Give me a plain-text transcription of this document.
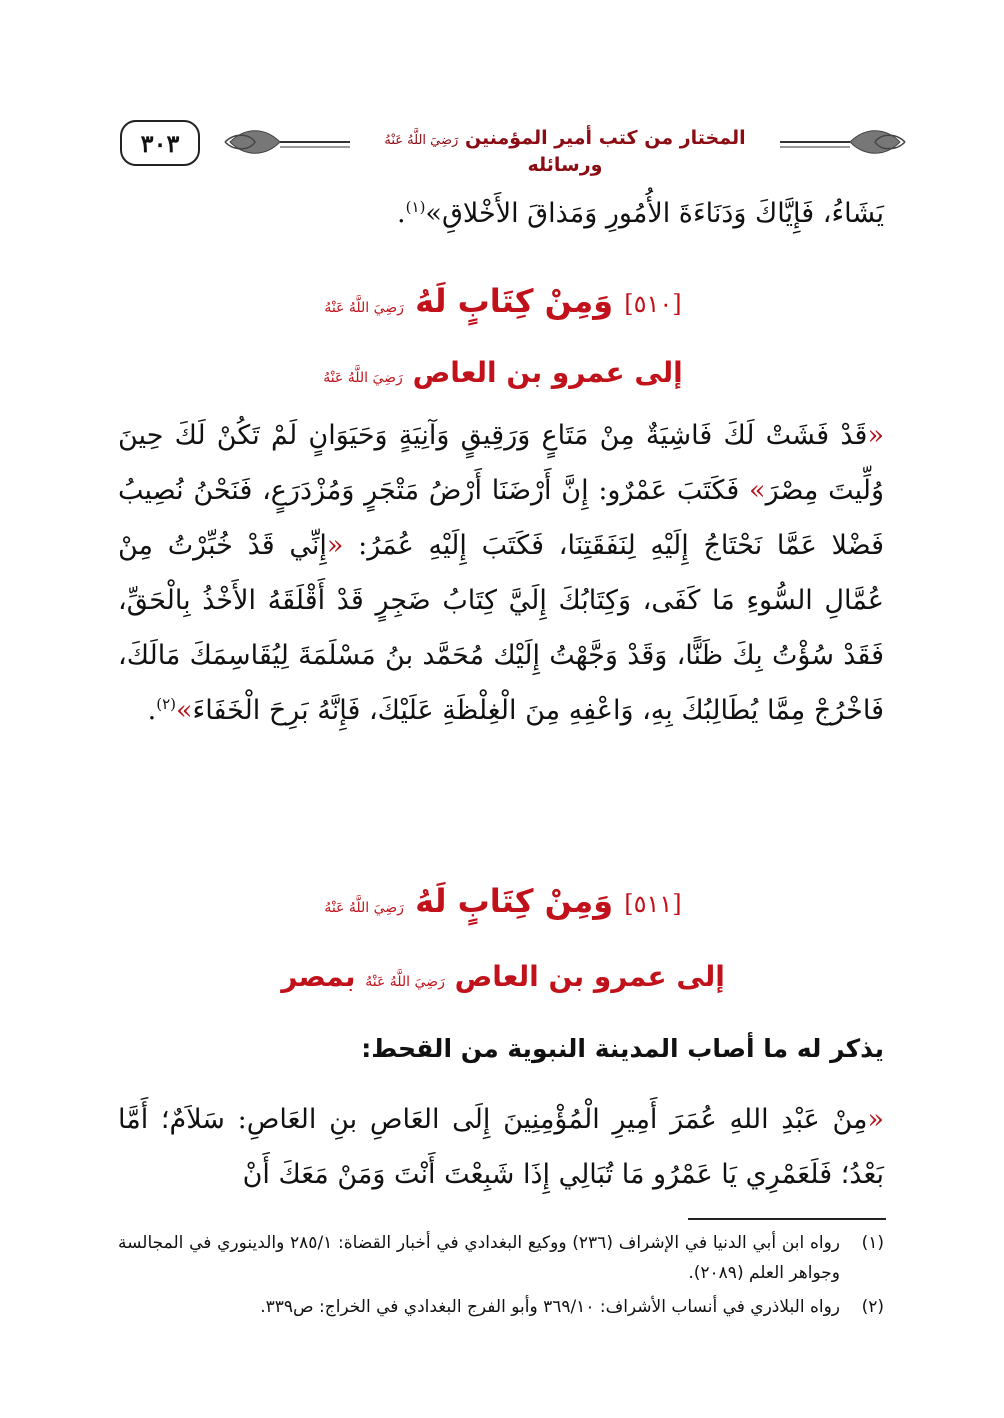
٣٠٣	المختار من كتب أمير المؤمنين رَضِيَ اللَّهُ عَنْهُ ورسائله
يَشَاءُ، فَإِيَّاكَ وَدَنَاءَةَ الأُمُورِ وَمَذاقَ الأَخْلاقِ»$^{(١)}$.
[٥١٠] وَمِنْ كِتَابٍ لَهُ رَضِيَ اللَّهُ عَنْهُ
إلى عمرو بن العاص رَضِيَ اللَّهُ عَنْهُ
«قَدْ فَشَتْ لَكَ فَاشِيَةٌ مِنْ مَتَاعٍ وَرَقِيقٍ وَآنِيَةٍ وَحَيَوَانٍ لَمْ تَكُنْ لَكَ حِينَ وُلِّيتَ مِصْرَ» فَكَتَبَ عَمْرٌو: إِنَّ أَرْضَنَا أَرْضُ مَتْجَرٍ وَمُزْدَرَعٍ، فَنَحْنُ نُصِيبُ فَضْلا عَمَّا نَحْتَاجُ إِلَيْهِ لِنَفَقَتِنَا، فَكَتَبَ إِلَيْهِ عُمَرُ: «إِنِّي قَدْ خُبِّرْتُ مِنْ عُمَّالِ السُّوءِ مَا كَفَى، وَكِتَابُكَ إِلَيَّ كِتَابُ ضَجِرٍ قَدْ أَقْلَقَهُ الأَخْذُ بِالْحَقِّ، فَقَدْ سُؤْتُ بِكَ ظَنًّا، وَقَدْ وَجَّهْتُ إِلَيْك مُحَمَّد بنُ مَسْلَمَةَ لِيُقَاسِمَكَ مَالَكَ، فَاخْرُجْ مِمَّا يُطَالِبُكَ بِهِ، وَاعْفِهِ مِنَ الْغِلْظَةِ عَلَيْكَ، فَإِنَّهُ بَرِحَ الْخَفَاءَ»$^{(٢)}$.
[٥١١] وَمِنْ كِتَابٍ لَهُ رَضِيَ اللَّهُ عَنْهُ
إلى عمرو بن العاص رَضِيَ اللَّهُ عَنْهُ بمصر
يذكر له ما أصاب المدينة النبوية من القحط:
«مِنْ عَبْدِ اللهِ عُمَرَ أَمِيرِ الْمُؤْمِنِينَ إِلَى العَاصِ بنِ العَاصِ: سَلاَمٌ؛ أَمَّا بَعْدُ؛ فَلَعَمْرِي يَا عَمْرُو مَا تُبَالِي إِذَا شَبِعْتَ أَنْتَ وَمَنْ مَعَكَ أَنْ
(١)
رواه ابن أبي الدنيا في الإشراف (٢٣٦) ووكيع البغدادي في أخبار القضاة: ٢٨٥/١ والدينوري في المجالسة وجواهر العلم (٢٠٨٩).
(٢)
رواه البلاذري في أنساب الأشراف: ٣٦٩/١٠ وأبو الفرج البغدادي في الخراج: ص٣٣٩.
